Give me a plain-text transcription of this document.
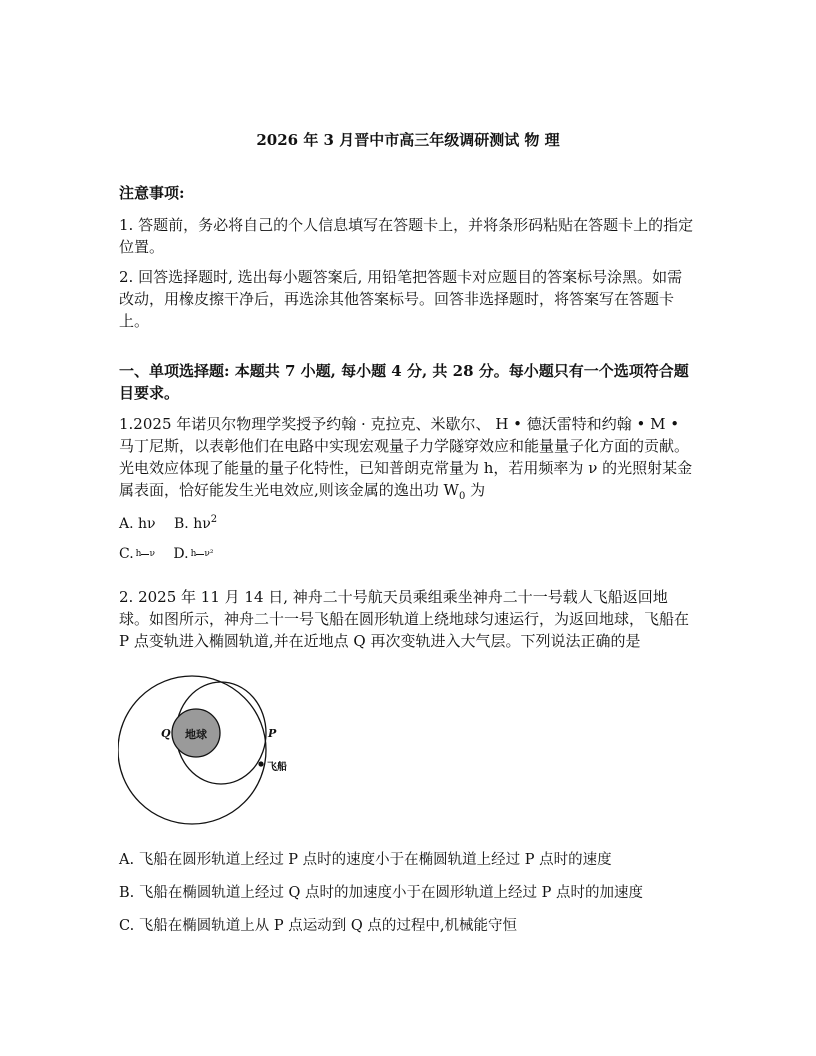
2026 年 3 月晋中市高三年级调研测试 物 理
注意事项:
1. 答题前，务必将自己的个人信息填写在答题卡上，并将条形码粘贴在答题卡上的指定位置。
2. 回答选择题时, 选出每小题答案后, 用铅笔把答题卡对应题目的答案标号涂黑。如需改动，用橡皮擦干净后，再选涂其他答案标号。回答非选择题时，将答案写在答题卡上。
一、单项选择题: 本题共 7 小题, 每小题 4 分, 共 28 分。每小题只有一个选项符合题目要求。
1.2025 年诺贝尔物理学奖授予约翰 · 克拉克、米歇尔、 H • 德沃雷特和约翰 • M • 马丁尼斯，以表彰他们在电路中实现宏观量子力学隧穿效应和能量量子化方面的贡献。光电效应体现了能量的量子化特性，已知普朗克常量为 h，若用频率为 ν 的光照射某金属表面，恰好能发生光电效应,则该金属的逸出功 $W_0$ 为
A. hν B. $h\nu^2$
C. h ν D. h ν²
2. 2025 年 11 月 14 日, 神舟二十号航天员乘组乘坐神舟二十一号载人飞船返回地球。如图所示，神舟二十一号飞船在圆形轨道上绕地球匀速运行，为返回地球，飞船在 P 点变轨进入椭圆轨道,并在近地点 Q 再次变轨进入大气层。下列说法正确的是
地球
Q	P
飞船
A. 飞船在圆形轨道上经过 P 点时的速度小于在椭圆轨道上经过 P 点时的速度
B. 飞船在椭圆轨道上经过 Q 点时的加速度小于在圆形轨道上经过 P 点时的加速度
C. 飞船在椭圆轨道上从 P 点运动到 Q 点的过程中,机械能守恒
